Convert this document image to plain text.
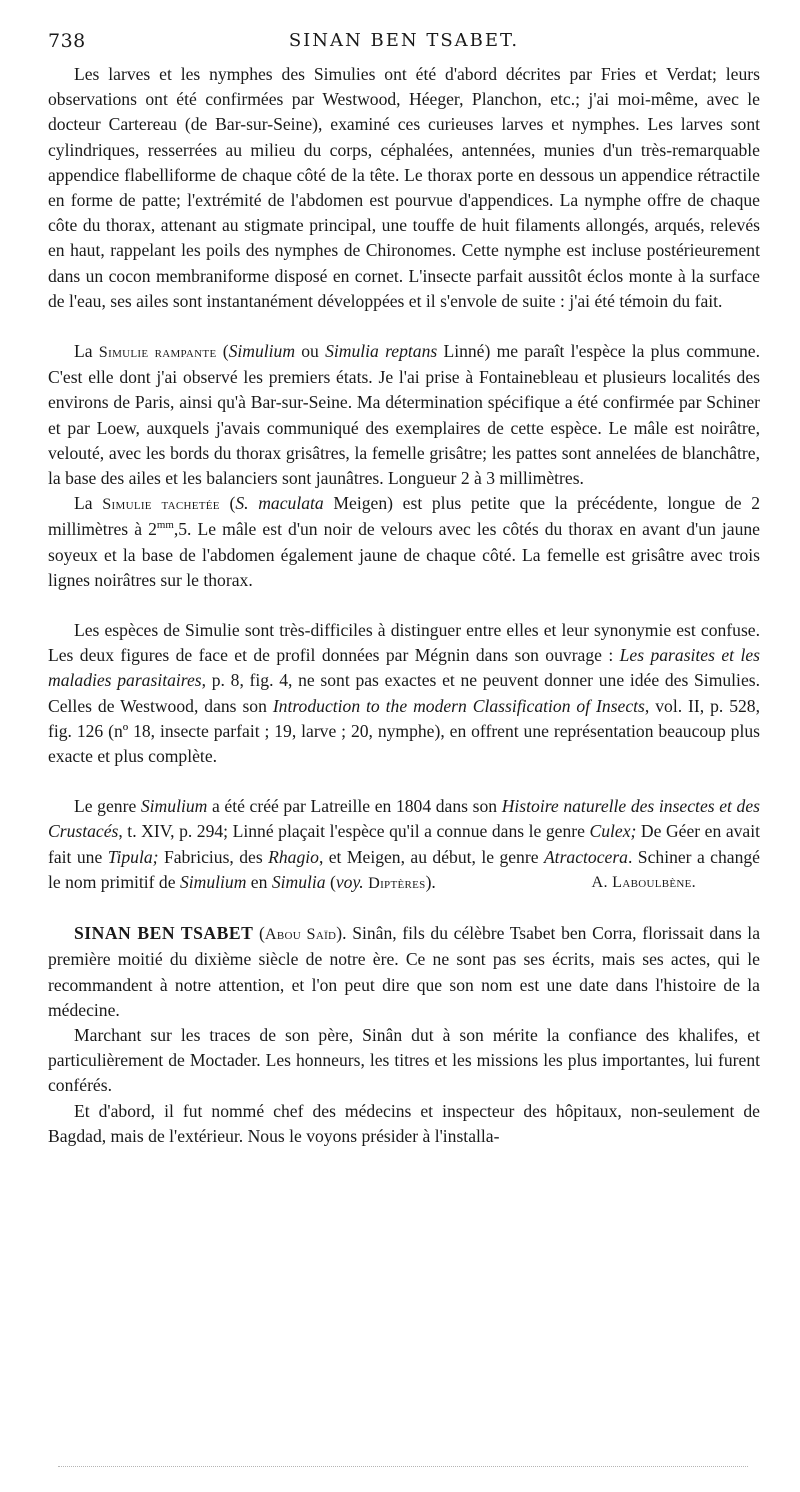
738	SINAN BEN TSABET.

Les larves et les nymphes des Simulies ont été d'abord décrites par Fries et Verdat; leurs observations ont été confirmées par Westwood, Héeger, Planchon, etc.; j'ai moi-même, avec le docteur Cartereau (de Bar-sur-Seine), examiné ces curieuses larves et nymphes. Les larves sont cylindriques, resserrées au milieu du corps, céphalées, antennées, munies d'un très-remarquable appendice flabelliforme de chaque côté de la tête. Le thorax porte en dessous un appendice rétractile en forme de patte; l'extrémité de l'abdomen est pourvue d'appendices. La nymphe offre de chaque côte du thorax, attenant au stigmate principal, une touffe de huit filaments allongés, arqués, relevés en haut, rappelant les poils des nymphes de Chironomes. Cette nymphe est incluse postérieurement dans un cocon membraniforme disposé en cornet. L'insecte parfait aussitôt éclos monte à la surface de l'eau, ses ailes sont instantanément développées et il s'envole de suite : j'ai été témoin du fait.

La Simulie rampante (Simulium ou Simulia reptans Linné) me paraît l'espèce la plus commune. C'est elle dont j'ai observé les premiers états. Je l'ai prise à Fontainebleau et plusieurs localités des environs de Paris, ainsi qu'à Bar-sur-Seine. Ma détermination spécifique a été confirmée par Schiner et par Loew, auxquels j'avais communiqué des exemplaires de cette espèce. Le mâle est noirâtre, velouté, avec les bords du thorax grisâtres, la femelle grisâtre; les pattes sont annelées de blanchâtre, la base des ailes et les balanciers sont jaunâtres. Longueur 2 à 3 millimètres.

La Simulie tachetée (S. maculata Meigen) est plus petite que la précédente, longue de 2 millimètres à $2^{mm},5$. Le mâle est d'un noir de velours avec les côtés du thorax en avant d'un jaune soyeux et la base de l'abdomen également jaune de chaque côté. La femelle est grisâtre avec trois lignes noirâtres sur le thorax.

Les espèces de Simulie sont très-difficiles à distinguer entre elles et leur synonymie est confuse. Les deux figures de face et de profil données par Mégnin dans son ouvrage : Les parasites et les maladies parasitaires, p. 8, fig. 4, ne sont pas exactes et ne peuvent donner une idée des Simulies. Celles de Westwood, dans son Introduction to the modern Classification of Insects, vol. II, p. 528, fig. 126 (nº 18, insecte parfait ; 19, larve ; 20, nymphe), en offrent une représentation beaucoup plus exacte et plus complète.

Le genre Simulium a été créé par Latreille en 1804 dans son Histoire naturelle des insectes et des Crustacés, t. XIV, p. 294; Linné plaçait l'espèce qu'il a connue dans le genre Culex; De Géer en avait fait une Tipula; Fabricius, des Rhagio, et Meigen, au début, le genre Atractocera. Schiner a changé le nom primitif de Simulium en Simulia (voy. Diptères).	A. Laboulbène.

SINAN BEN TSABET (Abou Saïd). Sinân, fils du célèbre Tsabet ben Corra, florissait dans la première moitié du dixième siècle de notre ère. Ce ne sont pas ses écrits, mais ses actes, qui le recommandent à notre attention, et l'on peut dire que son nom est une date dans l'histoire de la médecine.

Marchant sur les traces de son père, Sinân dut à son mérite la confiance des khalifes, et particulièrement de Moctader. Les honneurs, les titres et les missions les plus importantes, lui furent conférés.

Et d'abord, il fut nommé chef des médecins et inspecteur des hôpitaux, non-seulement de Bagdad, mais de l'extérieur. Nous le voyons présider à l'installa-
